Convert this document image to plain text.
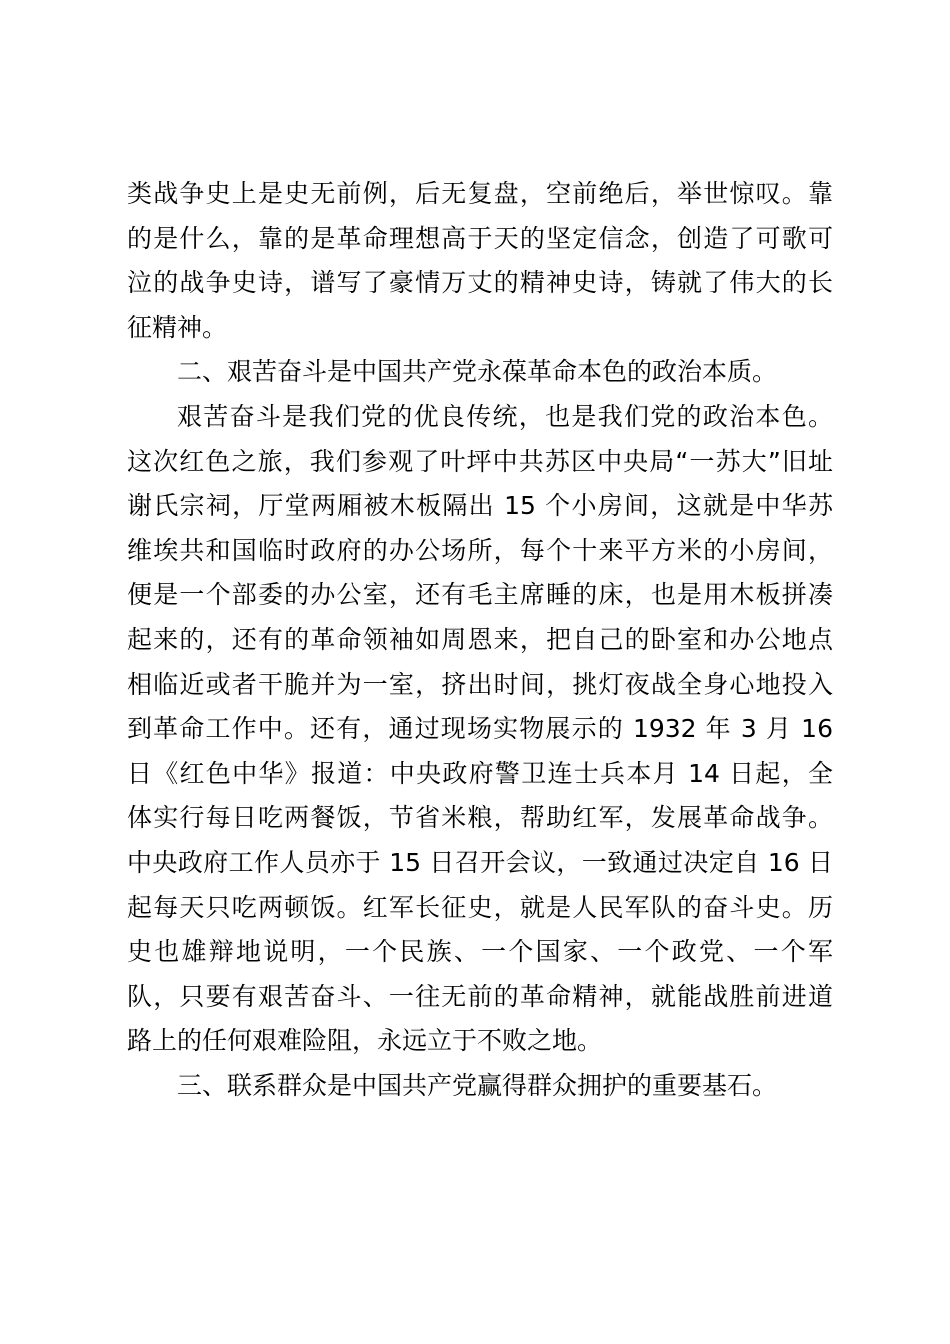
类战争史上是史无前例，后无复盘，空前绝后，举世惊叹。靠
的是什么，靠的是革命理想高于天的坚定信念，创造了可歌可
泣的战争史诗，谱写了豪情万丈的精神史诗，铸就了伟大的长
征精神。
二、艰苦奋斗是中国共产党永葆革命本色的政治本质。
艰苦奋斗是我们党的优良传统，也是我们党的政治本色。
这次红色之旅，我们参观了叶坪中共苏区中央局“一苏大”旧址
谢氏宗祠，厅堂两厢被木板隔出 15 个小房间，这就是中华苏
维埃共和国临时政府的办公场所，每个十来平方米的小房间，
便是一个部委的办公室，还有毛主席睡的床，也是用木板拼凑
起来的，还有的革命领袖如周恩来，把自己的卧室和办公地点
相临近或者干脆并为一室，挤出时间，挑灯夜战全身心地投入
到革命工作中。还有，通过现场实物展示的 1932 年 3 月 16
日《红色中华》报道：中央政府警卫连士兵本月 14 日起，全
体实行每日吃两餐饭，节省米粮，帮助红军，发展革命战争。
中央政府工作人员亦于 15 日召开会议，一致通过决定自 16 日
起每天只吃两顿饭。红军长征史，就是人民军队的奋斗史。历
史也雄辩地说明，一个民族、一个国家、一个政党、一个军
队，只要有艰苦奋斗、一往无前的革命精神，就能战胜前进道
路上的任何艰难险阻，永远立于不败之地。
三、联系群众是中国共产党赢得群众拥护的重要基石。
